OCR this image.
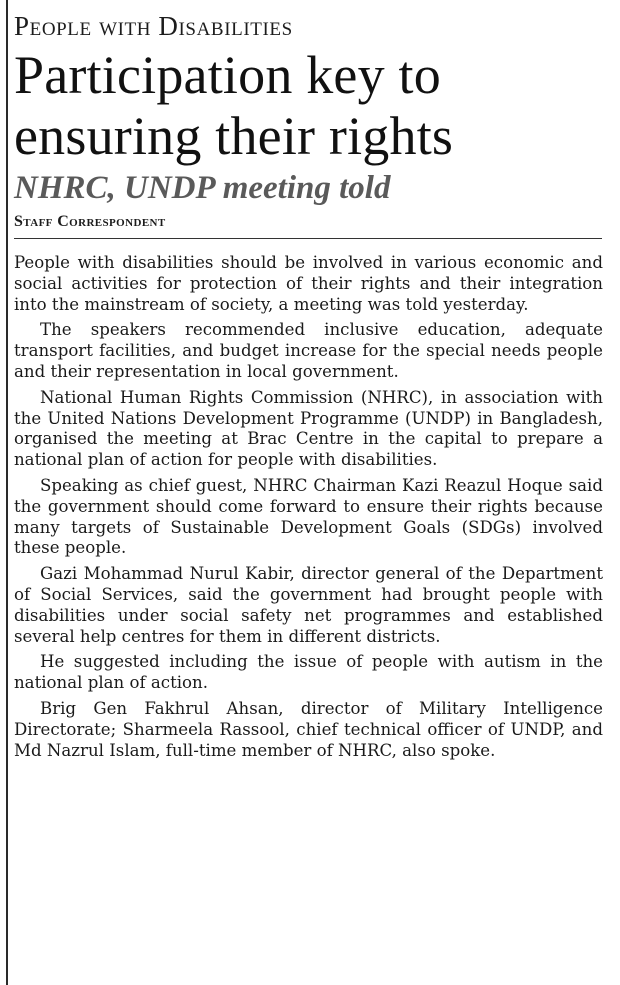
People with Disabilities
Participation key to ensuring their rights
NHRC, UNDP meeting told
Staff Correspondent

People with disabilities should be involved in various economic and social activities for protection of their rights and their integration into the mainstream of society, a meeting was told yesterday.

The speakers recommended inclusive education, adequate transport facilities, and budget increase for the special needs people and their representation in local government.

National Human Rights Commission (NHRC), in association with the United Nations Development Programme (UNDP) in Bangladesh, organised the meeting at Brac Centre in the capital to prepare a national plan of action for people with disabilities.

Speaking as chief guest, NHRC Chairman Kazi Reazul Hoque said the government should come forward to ensure their rights because many targets of Sustainable Development Goals (SDGs) involved these people.

Gazi Mohammad Nurul Kabir, director general of the Department of Social Services, said the government had brought people with disabilities under social safety net programmes and established several help centres for them in different districts.

He suggested including the issue of people with autism in the national plan of action.

Brig Gen Fakhrul Ahsan, director of Military Intelligence Directorate; Sharmeela Rassool, chief technical officer of UNDP, and Md Nazrul Islam, full-time member of NHRC, also spoke.
